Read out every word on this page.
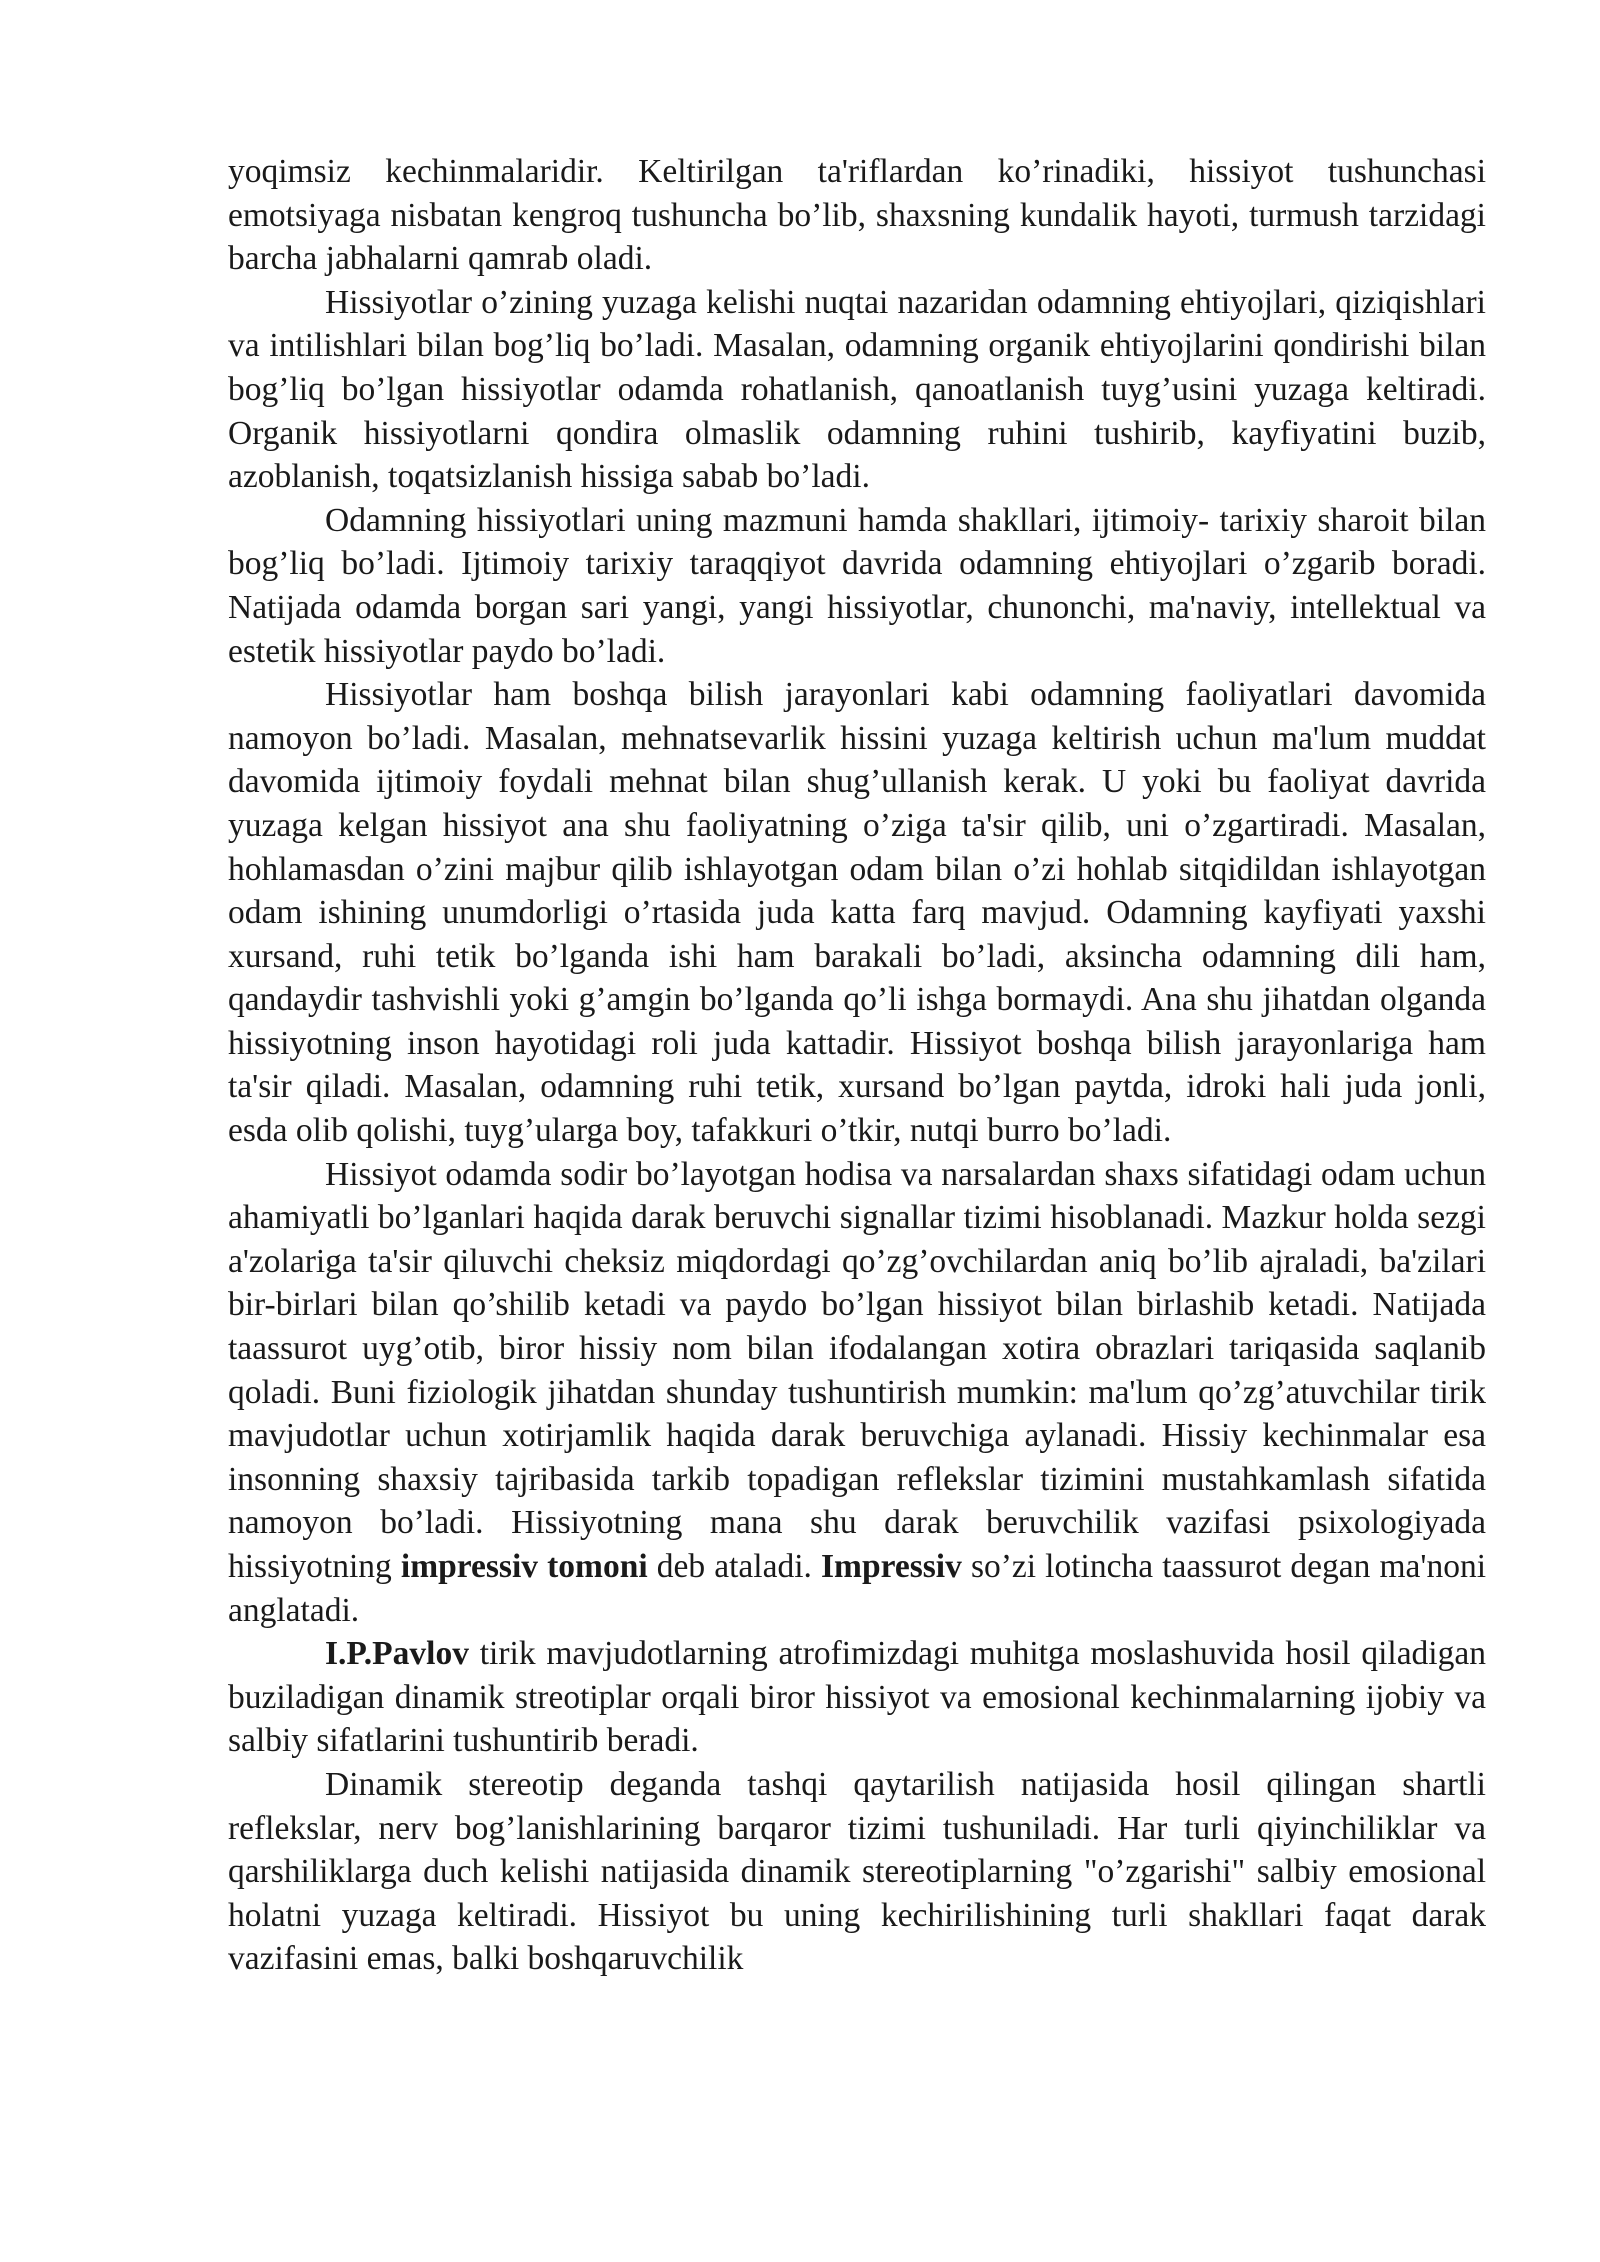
yoqimsiz kechinmalaridir. Keltirilgan ta'riflardan ko’rinadiki, hissiyot tushunchasi emotsiyaga nisbatan kengroq tushuncha bo’lib, shaxsning kundalik hayoti, turmush tarzidagi barcha jabhalarni qamrab oladi.

Hissiyotlar o’zining yuzaga kelishi nuqtai nazaridan odamning ehtiyojlari, qiziqishlari va intilishlari bilan bog’liq bo’ladi. Masalan, odamning organik ehtiyojlarini qondirishi bilan bog’liq bo’lgan hissiyotlar odamda rohatlanish, qanoatlanish tuyg’usini yuzaga keltiradi. Organik hissiyotlarni qondira olmaslik odamning ruhini tushirib, kayfiyatini buzib, azoblanish, toqatsizlanish hissiga sabab bo’ladi.

Odamning hissiyotlari uning mazmuni hamda shakllari, ijtimoiy- tarixiy sharoit bilan bog’liq bo’ladi. Ijtimoiy tarixiy taraqqiyot davrida odamning ehtiyojlari o’zgarib boradi. Natijada odamda borgan sari yangi, yangi hissiyotlar, chunonchi, ma'naviy, intellektual va estetik hissiyotlar paydo bo’ladi.

Hissiyotlar ham boshqa bilish jarayonlari kabi odamning faoliyatlari davomida namoyon bo’ladi. Masalan, mehnatsevarlik hissini yuzaga keltirish uchun ma'lum muddat davomida ijtimoiy foydali mehnat bilan shug’ullanish kerak. U yoki bu faoliyat davrida yuzaga kelgan hissiyot ana shu faoliyatning o’ziga ta'sir qilib, uni o’zgartiradi. Masalan, hohlamasdan o’zini majbur qilib ishlayotgan odam bilan o’zi hohlab sitqidildan ishlayotgan odam ishining unumdorligi o’rtasida juda katta farq mavjud. Odamning kayfiyati yaxshi xursand, ruhi tetik bo’lganda ishi ham barakali bo’ladi, aksincha odamning dili ham, qandaydir tashvishli yoki g’amgin bo’lganda qo’li ishga bormaydi. Ana shu jihatdan olganda hissiyotning inson hayotidagi roli juda kattadir. Hissiyot boshqa bilish jarayonlariga ham ta'sir qiladi. Masalan, odamning ruhi tetik, xursand bo’lgan paytda, idroki hali juda jonli, esda olib qolishi, tuyg’ularga boy, tafakkuri o’tkir, nutqi burro bo’ladi.

Hissiyot odamda sodir bo’layotgan hodisa va narsalardan shaxs sifatidagi odam uchun ahamiyatli bo’lganlari haqida darak beruvchi signallar tizimi hisoblanadi. Mazkur holda sezgi a'zolariga ta'sir qiluvchi cheksiz miqdordagi qo’zg’ovchilardan aniq bo’lib ajraladi, ba'zilari bir-birlari bilan qo’shilib ketadi va paydo bo’lgan hissiyot bilan birlashib ketadi. Natijada taassurot uyg’otib, biror hissiy nom bilan ifodalangan xotira obrazlari tariqasida saqlanib qoladi. Buni fiziologik jihatdan shunday tushuntirish mumkin: ma'lum qo’zg’atuvchilar tirik mavjudotlar uchun xotirjamlik haqida darak beruvchiga aylanadi. Hissiy kechinmalar esa insonning shaxsiy tajribasida tarkib topadigan reflekslar tizimini mustahkamlash sifatida namoyon bo’ladi. Hissiyotning mana shu darak beruvchilik vazifasi psixologiyada hissiyotning impressiv tomoni deb ataladi. Impressiv so’zi lotincha taassurot degan ma'noni anglatadi.

I.P.Pavlov tirik mavjudotlarning atrofimizdagi muhitga moslashuvida hosil qiladigan buziladigan dinamik streotiplar orqali biror hissiyot va emosional kechinmalarning ijobiy va salbiy sifatlarini tushuntirib beradi.

Dinamik stereotip deganda tashqi qaytarilish natijasida hosil qilingan shartli reflekslar, nerv bog’lanishlarining barqaror tizimi tushuniladi. Har turli qiyinchiliklar va qarshiliklarga duch kelishi natijasida dinamik stereotiplarning "o’zgarishi" salbiy emosional holatni yuzaga keltiradi. Hissiyot bu uning kechirilishining turli shakllari faqat darak vazifasini emas, balki boshqaruvchilik
